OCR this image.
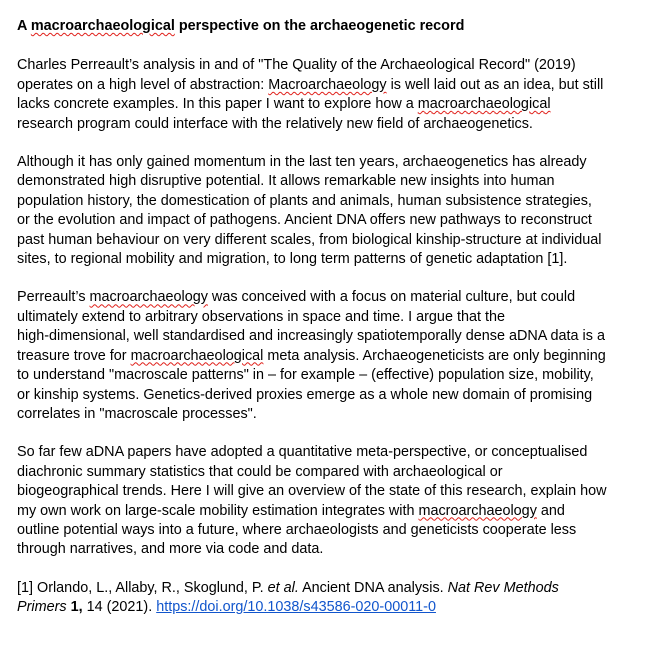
A macroarchaeological perspective on the archaeogenetic record
Charles Perreault’s analysis in and of "The Quality of the Archaeological Record" (2019)
operates on a high level of abstraction: Macroarchaeology is well laid out as an idea, but still
lacks concrete examples. In this paper I want to explore how a macroarchaeological
research program could interface with the relatively new field of archaeogenetics.
Although it has only gained momentum in the last ten years, archaeogenetics has already
demonstrated high disruptive potential. It allows remarkable new insights into human
population history, the domestication of plants and animals, human subsistence strategies,
or the evolution and impact of pathogens. Ancient DNA offers new pathways to reconstruct
past human behaviour on very different scales, from biological kinship-structure at individual
sites, to regional mobility and migration, to long term patterns of genetic adaptation [1].
Perreault’s macroarchaeology was conceived with a focus on material culture, but could
ultimately extend to arbitrary observations in space and time. I argue that the
high-dimensional, well standardised and increasingly spatiotemporally dense aDNA data is a
treasure trove for macroarchaeological meta analysis. Archaeogeneticists are only beginning
to understand "macroscale patterns" in – for example – (effective) population size, mobility,
or kinship systems. Genetics-derived proxies emerge as a whole new domain of promising
correlates in "macroscale processes".
So far few aDNA papers have adopted a quantitative meta-perspective, or conceptualised
diachronic summary statistics that could be compared with archaeological or
biogeographical trends. Here I will give an overview of the state of this research, explain how
my own work on large-scale mobility estimation integrates with macroarchaeology and
outline potential ways into a future, where archaeologists and geneticists cooperate less
through narratives, and more via code and data.
[1] Orlando, L., Allaby, R., Skoglund, P. et al. Ancient DNA analysis. Nat Rev Methods
Primers 1, 14 (2021). https://doi.org/10.1038/s43586-020-00011-0
